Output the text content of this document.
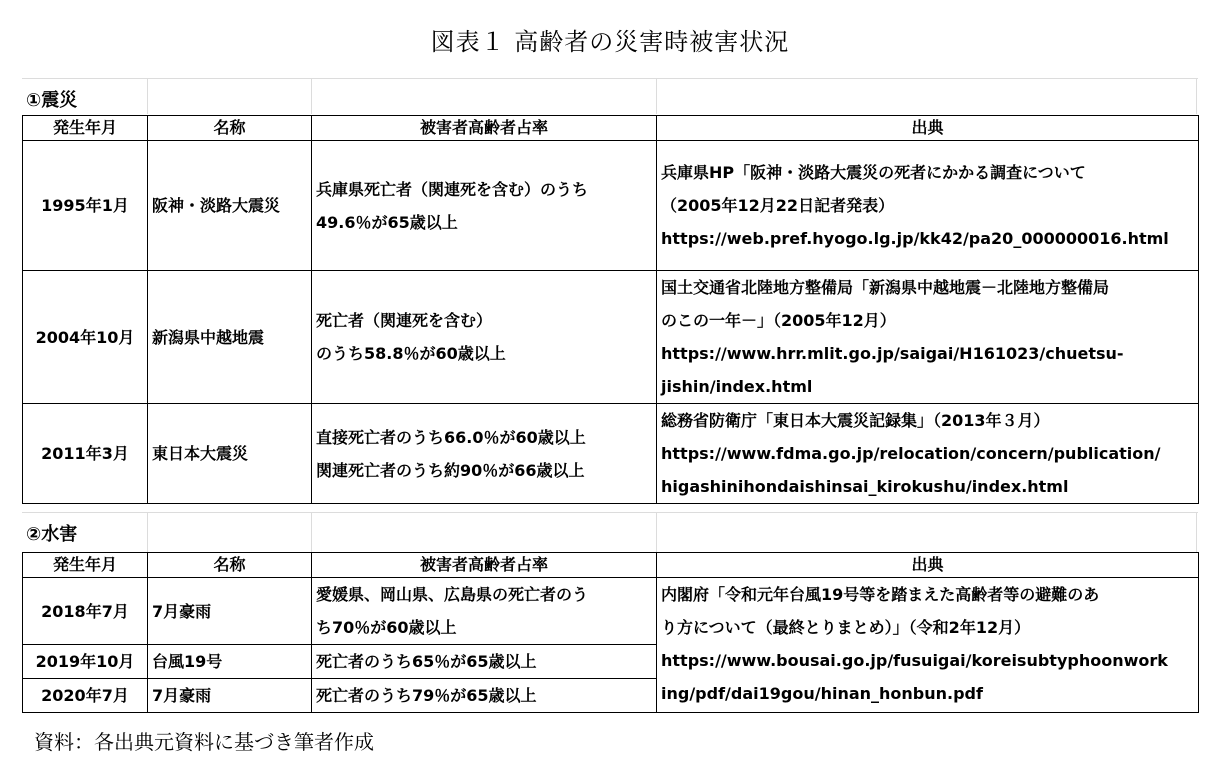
図表１ 高齢者の災害時被害状況
①震災
発生年月	名称	被害者高齢者占率	出典
1995年1月	阪神・淡路大震災	兵庫県死亡者（関連死を含む）のうち
49.6％が65歳以上	兵庫県HP「阪神・淡路大震災の死者にかかる調査について
（2005年12月22日記者発表）
https://web.pref.hyogo.lg.jp/kk42/pa20_000000016.html

2004年10月	新潟県中越地震	死亡者（関連死を含む）
のうち58.8％が60歳以上	国土交通省北陸地方整備局「新潟県中越地震－北陸地方整備局
のこの一年－」（2005年12月）
https://www.hrr.mlit.go.jp/saigai/H161023/chuetsu-
jishin/index.html

2011年3月	東日本大震災	直接死亡者のうち66.0％が60歳以上
関連死亡者のうち約90％が66歳以上	総務省防衛庁「東日本大震災記録集」（2013年３月）
https://www.fdma.go.jp/relocation/concern/publication/
higashinihondaishinsai_kirokushu/index.html
②水害
発生年月	名称	被害者高齢者占率	出典
2018年7月	7月豪雨	愛媛県、岡山県、広島県の死亡者のう
ち70％が60歳以上	内閣府「令和元年台風19号等を踏まえた高齢者等の避難のあ
り方について（最終とりまとめ）」（令和2年12月）
https://www.bousai.go.jp/fusuigai/koreisubtyphoonwork
ing/pdf/dai19gou/hinan_honbun.pdf

2019年10月	台風19号	死亡者のうち65％が65歳以上	

2020年7月	7月豪雨	死亡者のうち79％が65歳以上	
資料：各出典元資料に基づき筆者作成
